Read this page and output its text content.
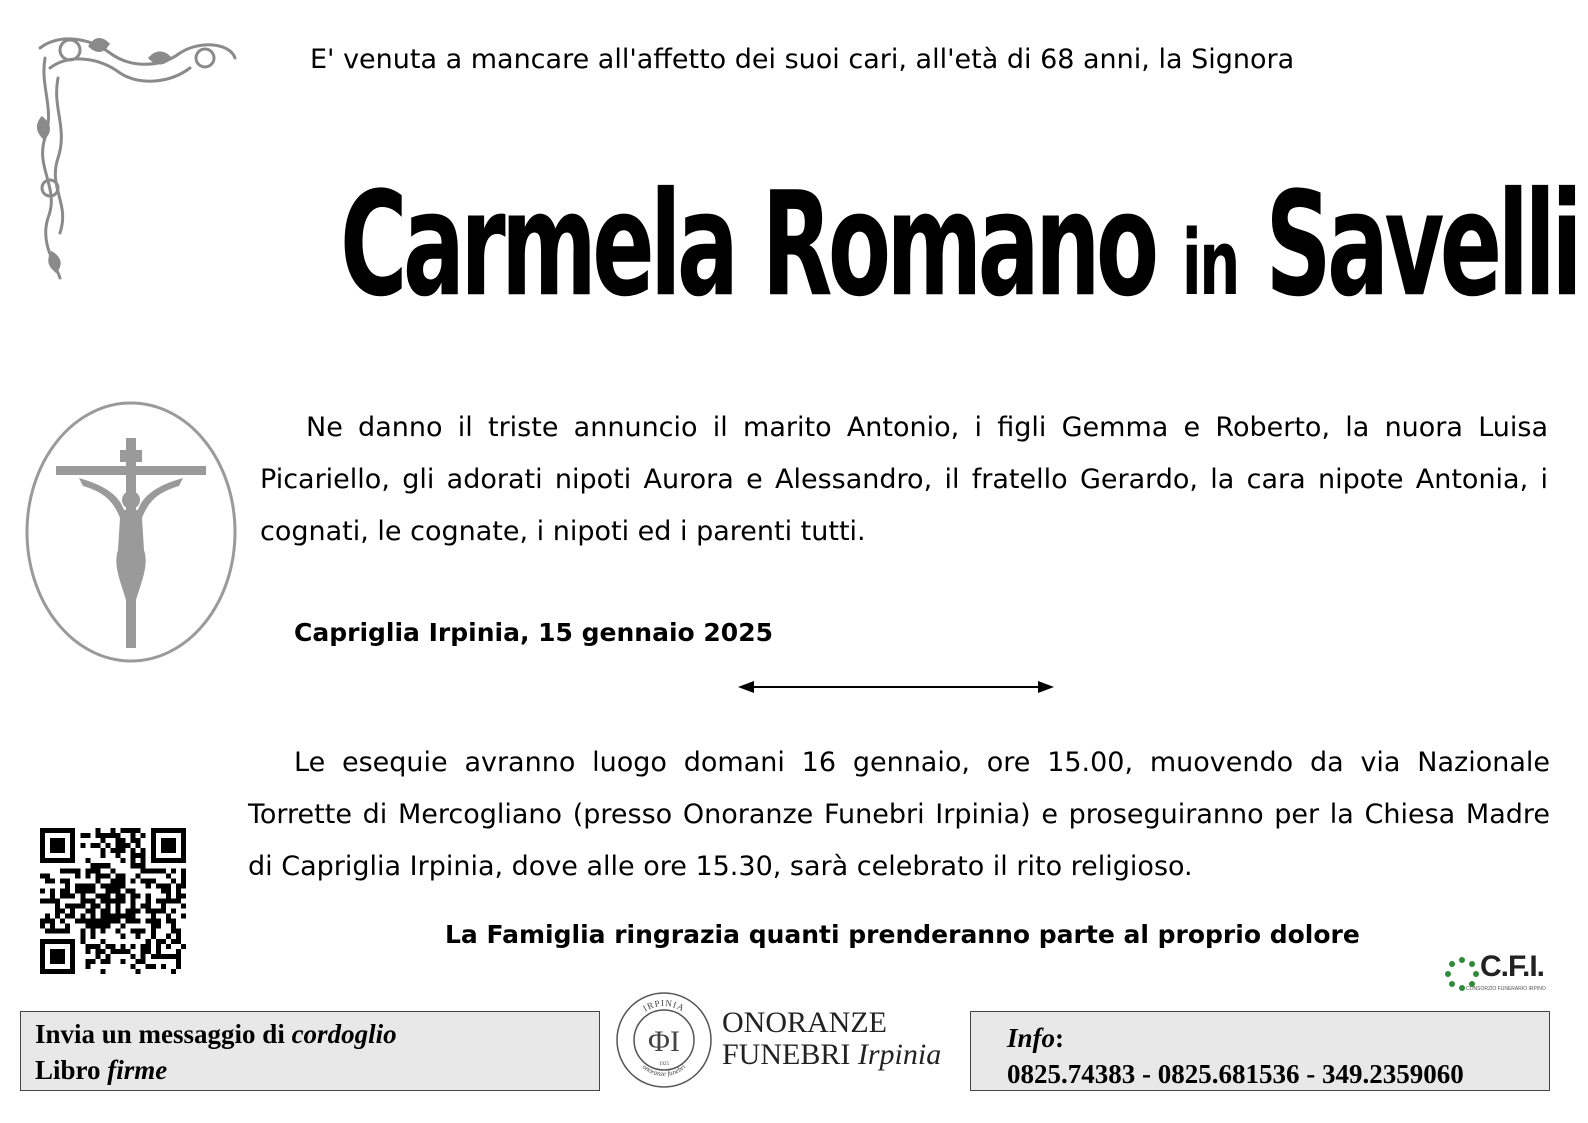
E' venuta a mancare all'affetto dei suoi cari, all'età di 68 anni, la Signora
Carmela Romano in Savelli
Ne danno il triste annuncio il marito Antonio, i figli Gemma e Roberto, la nuora Luisa Picariello, gli adorati nipoti Aurora e Alessandro, il fratello Gerardo, la cara nipote Antonia, i cognati, le cognate, i nipoti ed i parenti tutti.
Capriglia Irpinia, 15 gennaio 2025
Le esequie avranno luogo domani 16 gennaio, ore 15.00, muovendo da via Nazionale Torrette di Mercogliano (presso Onoranze Funebri Irpinia) e proseguiranno per la Chiesa Madre di Capriglia Irpinia, dove alle ore 15.30, sarà celebrato il rito religioso.
La Famiglia ringrazia quanti prenderanno parte al proprio dolore
C.F.I.
CONSORZIO FUNERARIO IRPINO
Invia un messaggio di cordoglio
Libro firme
IRPINIA
onoranze funebri
ΦΙ
1925
ONORANZE
FUNEBRI Irpinia Info:
0825.74383 - 0825.681536 - 349.2359060
